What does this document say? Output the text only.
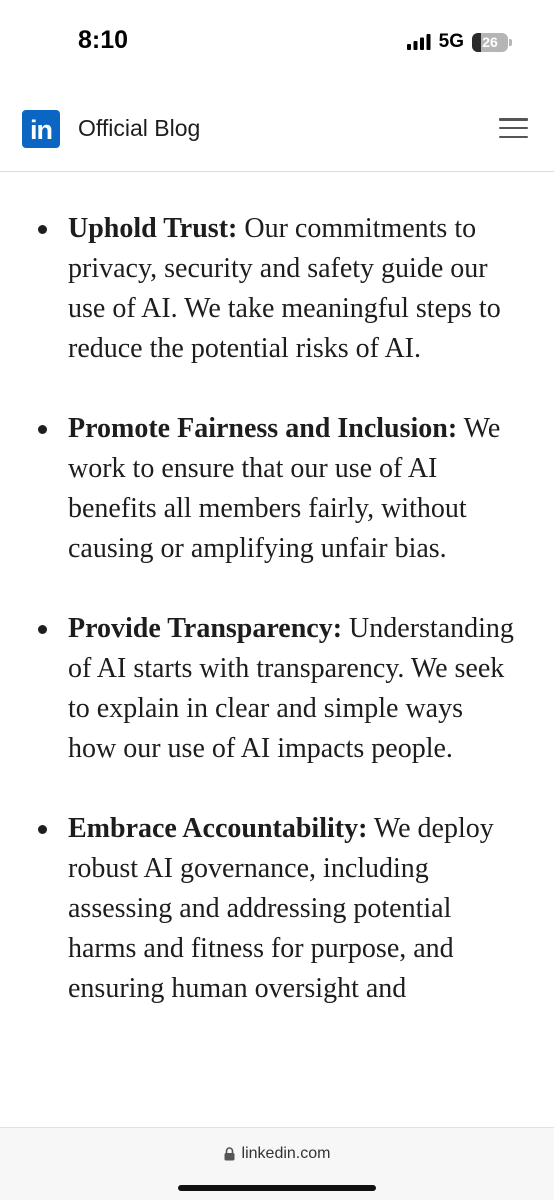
8:10	5G 26
in	Official Blog
Uphold Trust: Our commitments to privacy, security and safety guide our use of AI. We take meaningful steps to reduce the potential risks of AI.
Promote Fairness and Inclusion: We work to ensure that our use of AI benefits all members fairly, without causing or amplifying unfair bias.
Provide Transparency: Understanding of AI starts with transparency. We seek to explain in clear and simple ways how our use of AI impacts people.
Embrace Accountability: We deploy robust AI governance, including assessing and addressing potential harms and fitness for purpose, and ensuring human oversight and
linkedin.com
